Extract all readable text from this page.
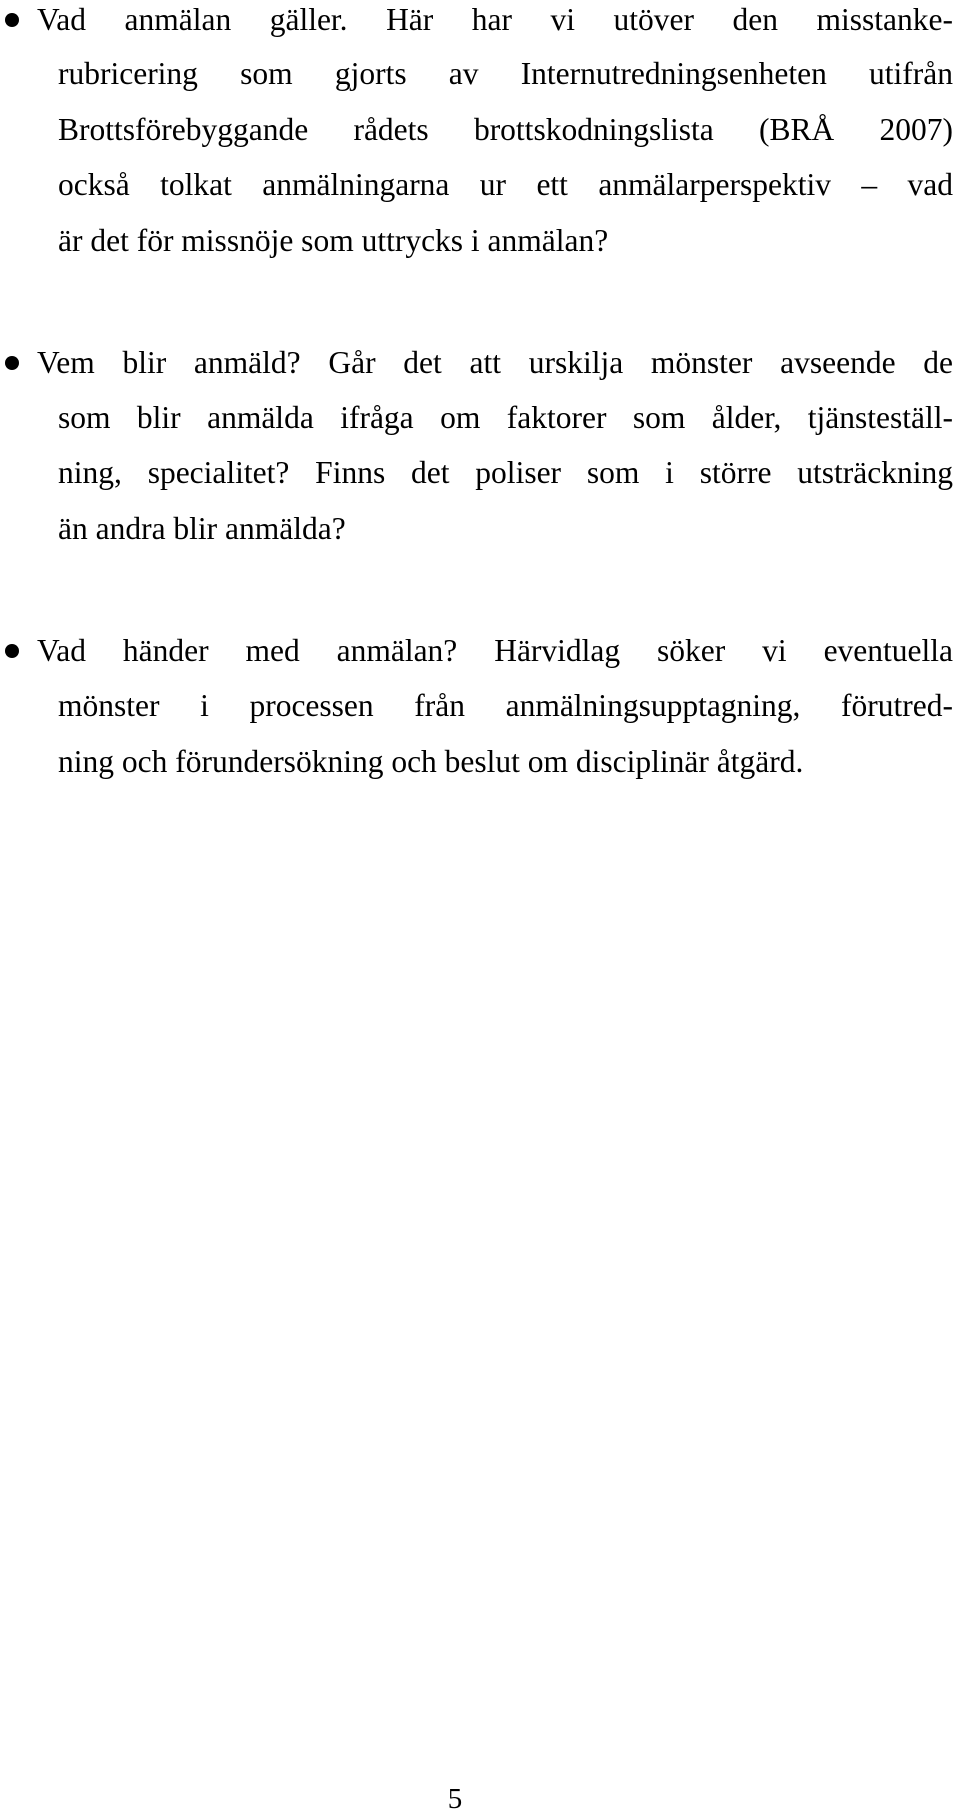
Vad anmälan gäller. Här har vi utöver den misstanke-
rubricering som gjorts av Internutredningsenheten utifrån
Brottsförebyggande rådets brottskodningslista (BRÅ 2007)
också tolkat anmälningarna ur ett anmälarperspektiv – vad
är det för missnöje som uttrycks i anmälan?
Vem blir anmäld? Går det att urskilja mönster avseende de
som blir anmälda ifråga om faktorer som ålder, tjänsteställ-
ning, specialitet? Finns det poliser som i större utsträckning
än andra blir anmälda?
Vad händer med anmälan? Härvidlag söker vi eventuella
mönster i processen från anmälningsupptagning, förutred-
ning och förundersökning och beslut om disciplinär åtgärd.
5
